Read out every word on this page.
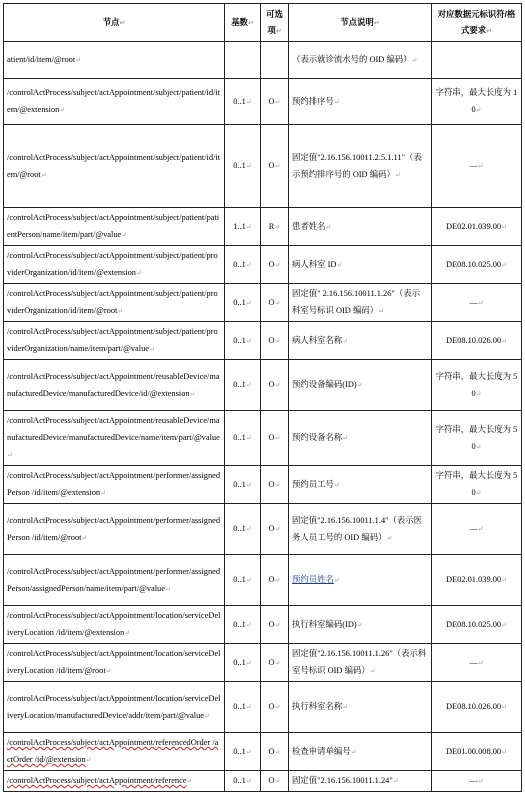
节点↵	基数↵	可选项↵	节点说明↵	对应数据元标识符/格式要求↵
atient/id/item/@root↵			（表示就诊流水号的 OID 编码）↵	
/controlActProcess/subject/actAppointment/subject/patient/id/item/@extension↵	0..1↵	O↵	预约排序号↵	字符串，最大长度为 10↵
/controlActProcess/subject/actAppointment/subject/patient/id/item/@root↵	0..1↵	O↵	固定值"2.16.156.10011.2.5.1.11"（表示预约排序号的 OID 编码）↵	—↵
/controlActProcess/subject/actAppointment/subject/patient/patientPerson/name/item/part/@value↵	1..1↵	R↵	患者姓名↵	DE02.01.039.00↵
/controlActProcess/subject/actAppointment/subject/patient/providerOrganization/id/item/@extension↵	0..1↵	O↵	病人科室 ID↵	DE08.10.025.00↵
/controlActProcess/subject/actAppointment/subject/patient/providerOrganization/id/item/@root↵	0..1↵	O↵	固定值" 2.16.156.10011.1.26"（表示科室号标识 OID 编码）↵	—↵
/controlActProcess/subject/actAppointment/subject/patient/providerOrganization/name/item/part/@value↵	0..1↵	O↵	病人科室名称↵	DE08.10.026.00↵
/controlActProcess/subject/actAppointment/reusableDevice/manufacturedDevice/manufacturedDevice/id/@extension↵	0..1↵	O↵	预约设备编码(ID)↵	字符串，最大长度为 50↵
/controlActProcess/subject/actAppointment/reusableDevice/manufacturedDevice/manufacturedDevice/name/item/part/@value↵	0..1↵	O↵	预约设备名称↵	字符串，最大长度为 50↵
/controlActProcess/subject/actAppointment/performer/assignedPerson /id/item/@extension↵	0..1↵	O↵	预约员工号↵	字符串，最大长度为 50↵
/controlActProcess/subject/actAppointment/performer/assignedPerson /id/item/@root↵	0..1↵	O↵	固定值"2.16.156.10011.1.4"（表示医务人员工号的 OID 编码）↵	—↵
/controlActProcess/subject/actAppointment/performer/assignedPerson/assignedPerson/name/item/part/@value↵	0..1↵	O↵	预约员姓名↵	DE02.01.039.00↵
/controlActProcess/subject/actAppointment/location/serviceDeliveryLocation /id/item/@extension↵	0..1↵	O↵	执行科室编码(ID)↵	DE08.10.025.00↵
/controlActProcess/subject/actAppointment/location/serviceDeliveryLocation /id/item/@root↵	0..1↵	O↵	固定值"2.16.156.10011.1.26"（表示科室号标识 OID 编码）↵	—↵
/controlActProcess/subject/actAppointment/location/serviceDeliveryLocation/manufacturedDevice/addr/item/part/@value↵	0..1↵	O↵	执行科室名称↵	DE08.10.026.00↵
/controlActProcess/subject/actAppointment/referencedOrder /actOrder /id/@extension↵	0..1↵	O↵	检查申请单编号↵	DE01.00.008.00↵
/controlActProcess/subject/actAppointment/reference↵	0..1↵	O↵	固定值"2.16.156.10011.1.24"↵	—↵
